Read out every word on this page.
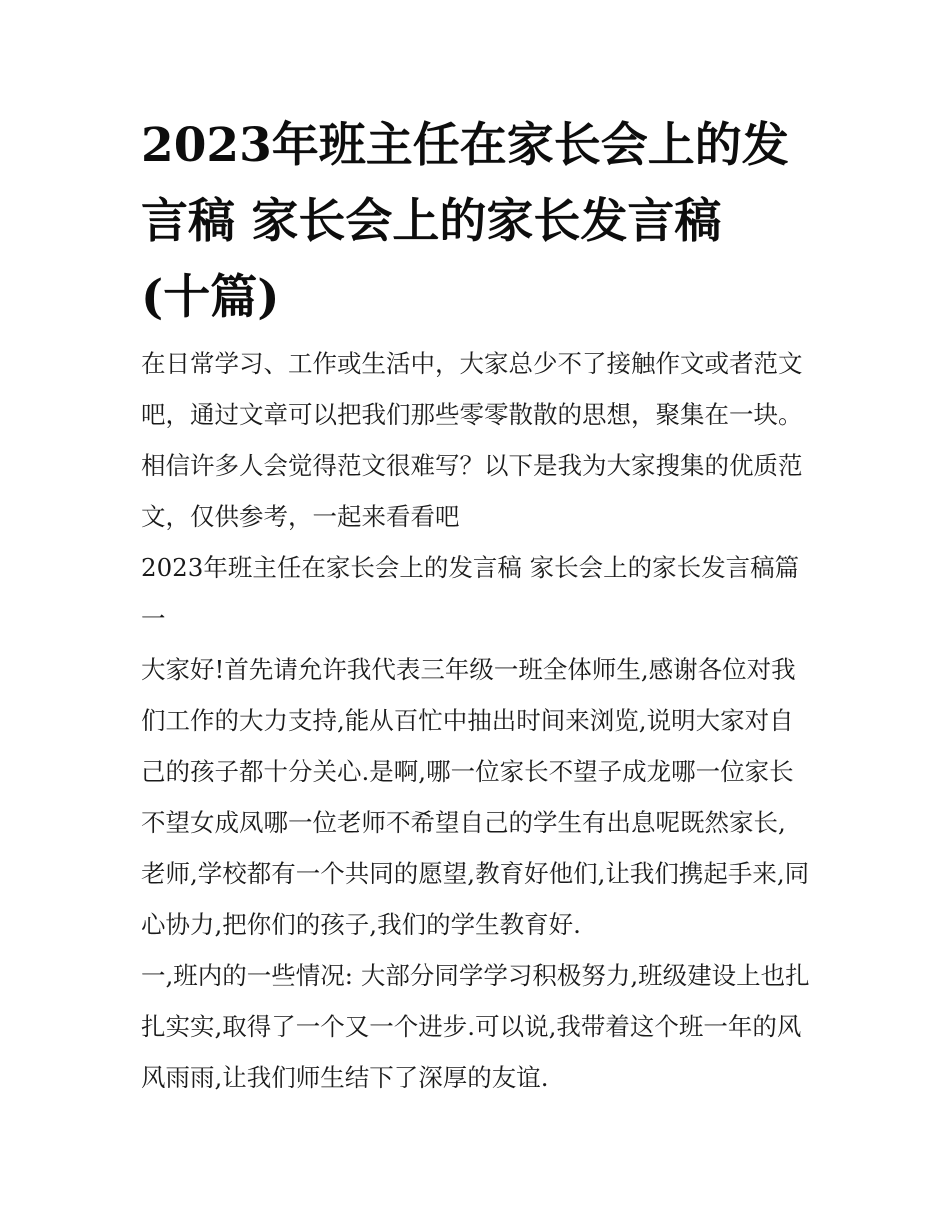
2023年班主任在家长会上的发
言稿 家长会上的家长发言稿
(十篇)

在日常学习、工作或生活中，大家总少不了接触作文或者范文
吧，通过文章可以把我们那些零零散散的思想，聚集在一块。
相信许多人会觉得范文很难写？以下是我为大家搜集的优质范
文，仅供参考，一起来看看吧

2023年班主任在家长会上的发言稿 家长会上的家长发言稿篇
一

大家好!首先请允许我代表三年级一班全体师生,感谢各位对我
们工作的大力支持,能从百忙中抽出时间来浏览,说明大家对自
己的孩子都十分关心.是啊,哪一位家长不望子成龙哪一位家长
不望女成凤哪一位老师不希望自己的学生有出息呢既然家长,
老师,学校都有一个共同的愿望,教育好他们,让我们携起手来,同
心协力,把你们的孩子,我们的学生教育好.

一,班内的一些情况: 大部分同学学习积极努力,班级建设上也扎
扎实实,取得了一个又一个进步.可以说,我带着这个班一年的风
风雨雨,让我们师生结下了深厚的友谊.
